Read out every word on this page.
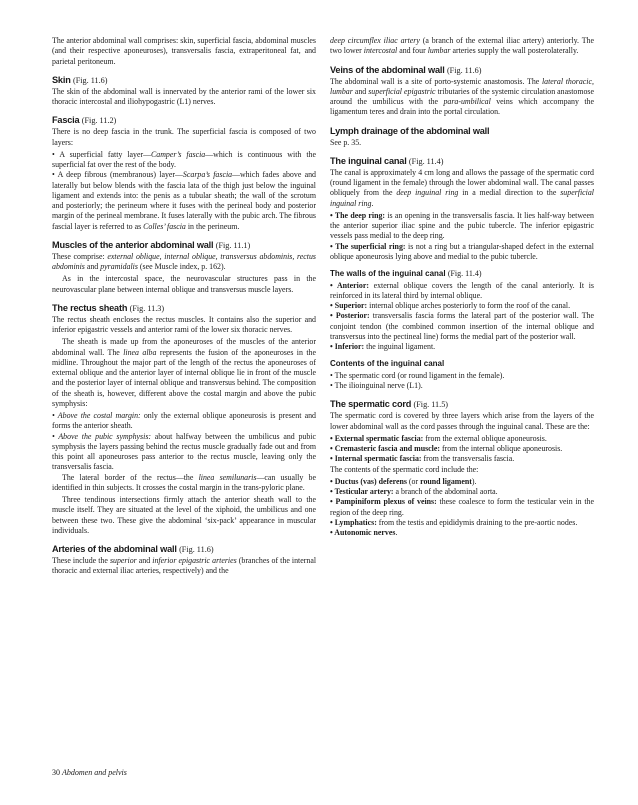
The anterior abdominal wall comprises: skin, superficial fascia, abdominal muscles (and their respective aponeuroses), transversalis fascia, extraperitoneal fat, and parietal peritoneum.

Skin (Fig. 11.6)

The skin of the abdominal wall is innervated by the anterior rami of the lower six thoracic intercostal and iliohypogastric (L1) nerves.

Fascia (Fig. 11.2)

There is no deep fascia in the trunk. The superficial fascia is composed of two layers:

• A superficial fatty layer—Camper’s fascia—which is continuous with the superficial fat over the rest of the body.

• A deep fibrous (membranous) layer—Scarpa’s fascia—which fades above and laterally but below blends with the fascia lata of the thigh just below the inguinal ligament and extends into: the penis as a tubular sheath; the wall of the scrotum and posteriorly; the perineum where it fuses with the perineal body and posterior margin of the perineal membrane. It fuses laterally with the pubic arch. The fibrous fascial layer is referred to as Colles’ fascia in the perineum.

Muscles of the anterior abdominal wall (Fig. 11.1)

These comprise: external oblique, internal oblique, transversus abdominis, rectus abdominis and pyramidalis (see Muscle index, p. 162).

As in the intercostal space, the neurovascular structures pass in the neurovascular plane between internal oblique and transversus muscle layers.

The rectus sheath (Fig. 11.3)

The rectus sheath encloses the rectus muscles. It contains also the superior and inferior epigastric vessels and anterior rami of the lower six thoracic nerves.

The sheath is made up from the aponeuroses of the muscles of the anterior abdominal wall. The linea alba represents the fusion of the aponeuroses in the midline. Throughout the major part of the length of the rectus the aponeuroses of external oblique and the anterior layer of internal oblique lie in front of the muscle and the posterior layer of internal oblique and transversus behind. The composition of the sheath is, however, different above the costal margin and above the pubic symphysis:

• Above the costal margin: only the external oblique aponeurosis is present and forms the anterior sheath.

• Above the pubic symphysis: about halfway between the umbilicus and pubic symphysis the layers passing behind the rectus muscle gradually fade out and from this point all aponeuroses pass anterior to the rectus muscle, leaving only the transversalis fascia.

The lateral border of the rectus—the linea semilunaris—can usually be identified in thin subjects. It crosses the costal margin in the trans-pyloric plane.

Three tendinous intersections firmly attach the anterior sheath wall to the muscle itself. They are situated at the level of the xiphoid, the umbilicus and one between these two. These give the abdominal ‘six-pack’ appearance in muscular individuals.

Arteries of the abdominal wall (Fig. 11.6)

These include the superior and inferior epigastric arteries (branches of the internal thoracic and external iliac arteries, respectively) and the

deep circumflex iliac artery (a branch of the external iliac artery) anteriorly. The two lower intercostal and four lumbar arteries supply the wall posterolaterally.

Veins of the abdominal wall (Fig. 11.6)

The abdominal wall is a site of porto-systemic anastomosis. The lateral thoracic, lumbar and superficial epigastric tributaries of the systemic circulation anastomose around the umbilicus with the para-umbilical veins which accompany the ligamentum teres and drain into the portal circulation.

Lymph drainage of the abdominal wall

See p. 35.

The inguinal canal (Fig. 11.4)

The canal is approximately 4 cm long and allows the passage of the spermatic cord (round ligament in the female) through the lower abdominal wall. The canal passes obliquely from the deep inguinal ring in a medial direction to the superficial inguinal ring.

• The deep ring: is an opening in the transversalis fascia. It lies half-way between the anterior superior iliac spine and the pubic tubercle. The inferior epigastric vessels pass medial to the deep ring.

• The superficial ring: is not a ring but a triangular-shaped defect in the external oblique aponeurosis lying above and medial to the pubic tubercle.

The walls of the inguinal canal (Fig. 11.4)

• Anterior: external oblique covers the length of the canal anteriorly. It is reinforced in its lateral third by internal oblique.

• Superior: internal oblique arches posteriorly to form the roof of the canal.

• Posterior: transversalis fascia forms the lateral part of the posterior wall. The conjoint tendon (the combined common insertion of the internal oblique and transversus into the pectineal line) forms the medial part of the posterior wall.

• Inferior: the inguinal ligament.

Contents of the inguinal canal

• The spermatic cord (or round ligament in the female).

• The ilioinguinal nerve (L1).

The spermatic cord (Fig. 11.5)

The spermatic cord is covered by three layers which arise from the layers of the lower abdominal wall as the cord passes through the inguinal canal. These are the:

• External spermatic fascia: from the external oblique aponeurosis.

• Cremasteric fascia and muscle: from the internal oblique aponeurosis.

• Internal spermatic fascia: from the transversalis fascia.

The contents of the spermatic cord include the:

• Ductus (vas) deferens (or round ligament).

• Testicular artery: a branch of the abdominal aorta.

• Pampiniform plexus of veins: these coalesce to form the testicular vein in the region of the deep ring.

• Lymphatics: from the testis and epididymis draining to the pre-aortic nodes.

• Autonomic nerves.

30 Abdomen and pelvis
